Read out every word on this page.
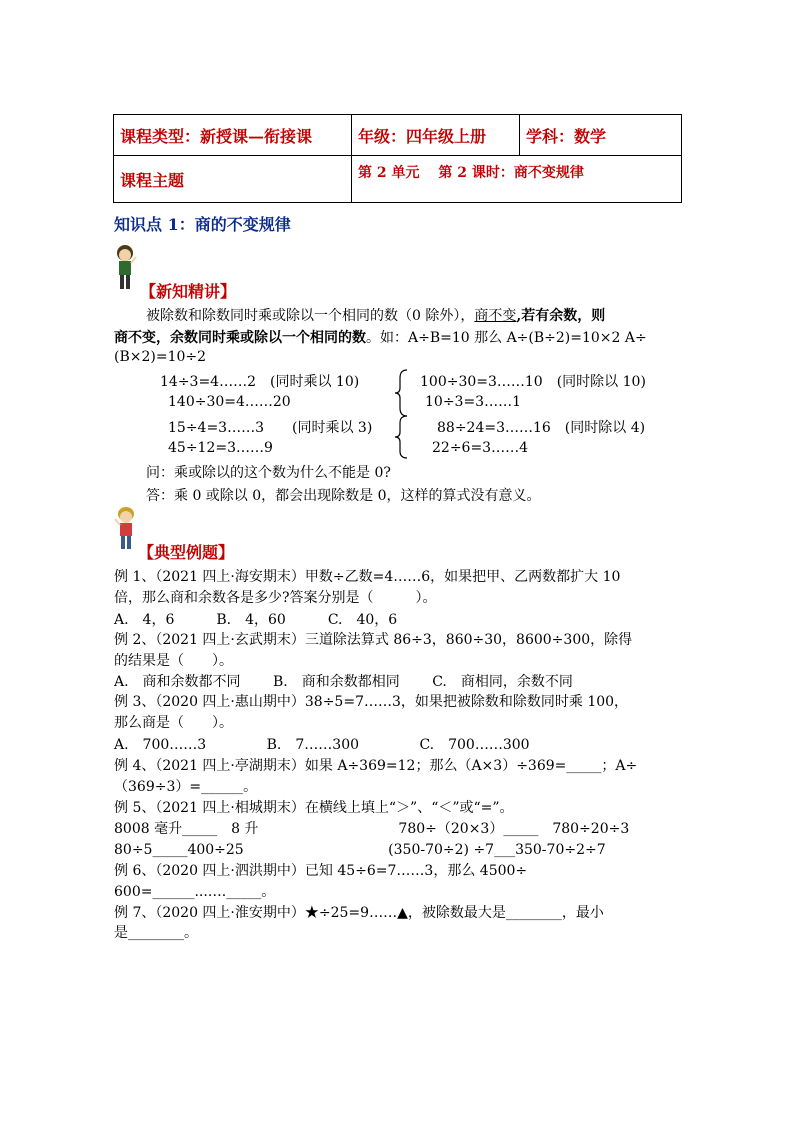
课程类型：新授课—衔接课	年级：四年级上册	学科：数学
课程主题	第 2 单元　 第 2 课时：商不变规律	
知识点 1：商的不变规律
【新知精讲】
被除数和除数同时乘或除以一个相同的数（0 除外），商不变,若有余数，则
商不变，余数同时乘或除以一个相同的数。如：A÷B=10 那么 A÷(B÷2)=10×2 A÷
(B×2)=10÷2
14÷3=4……2　(同时乘以 10)
140÷30=4……20
15÷4=3……3　　(同时乘以 3)
45÷12=3……9
100÷30=3……10　(同时除以 10)
10÷3=3……1
88÷24=3……16　(同时除以 4)
22÷6=3……4
问：乘或除以的这个数为什么不能是 0?
答：乘 0 或除以 0，都会出现除数是 0，这样的算式没有意义。
【典型例题】
例 1、（2021 四上·海安期末）甲数÷乙数=4……6，如果把甲、乙两数都扩大 10
倍，那么商和余数各是多少?答案分别是（　　　）。
A.　4，6　　　B.　4，60　　　C.　40，6
例 2、（2021 四上·玄武期末）三道除法算式 86÷3，860÷30，8600÷300，除得
的结果是（　　）。
A.　商和余数都不同　　 B.　商和余数都相同　　 C.　商相同，余数不同
例 3、（2020 四上·惠山期中）38÷5=7……3，如果把被除数和除数同时乘 100，
那么商是（　　）。
A.　700……3　　　　 B.　7……300　　　　 C.　700……300
例 4、（2021 四上·亭湖期末）如果 A÷369=12；那么（A×3）÷369=_____；A÷
（369÷3）=______。
例 5、（2021 四上·相城期末）在横线上填上“＞”、“＜”或“=”。
8008 毫升_____　8 升　　　　　　　　　　780÷（20×3）_____　780÷20÷3
80÷5_____400÷25　　　　　　　　　　 (350-70÷2) ÷7___350-70÷2÷7
例 6、（2020 四上·泗洪期中）已知 45÷6=7……3，那么 4500÷
600=______...…._____。
例 7、（2020 四上·淮安期中）★÷25=9……▲，被除数最大是________，最小
是________。
